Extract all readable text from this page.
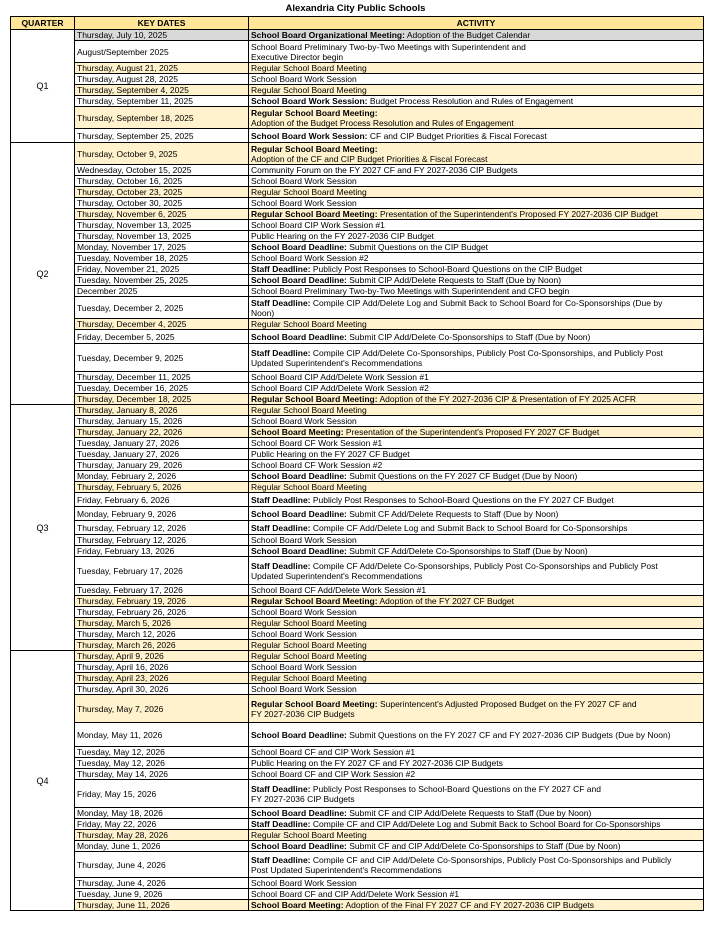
Alexandria City Public Schools
QUARTER	KEY DATES	ACTIVITY
Q1	Thursday, July 10, 2025	School Board Organizational Meeting: Adoption of the Budget Calendar
	August/September 2025	School Board Preliminary Two-by-Two Meetings with Superintendent and
Executive Director begin
	Thursday, August 21, 2025	Regular School Board Meeting
	Thursday, August 28, 2025	School Board Work Session
	Thursday, September 4, 2025	Regular School Board Meeting
	Thursday, September 11, 2025	School Board Work Session: Budget Process Resolution and Rules of Engagement
	Thursday, September 18, 2025	Regular School Board Meeting:
Adoption of the Budget Process Resolution and Rules of Engagement
	Thursday, September 25, 2025	School Board Work Session: CF and CIP Budget Priorities & Fiscal Forecast
Q2	Thursday, October 9, 2025	Regular School Board Meeting:
Adoption of the CF and CIP Budget Priorities & Fiscal Forecast
	Wednesday, October 15, 2025	Community Forum on the FY 2027 CF and FY 2027-2036 CIP Budgets
	Thursday, October 16, 2025	School Board Work Session
	Thursday, October 23, 2025	Regular School Board Meeting
	Thursday, October 30, 2025	School Board Work Session
	Thursday, November 6, 2025	Regular School Board Meeting: Presentation of the Superintendent's Proposed FY 2027-2036 CIP Budget
	Thursday, November 13, 2025	School Board CIP Work Session #1
	Thursday, November 13, 2025	Public Hearing on the FY 2027-2036 CIP Budget
	Monday, November 17, 2025	School Board Deadline: Submit Questions on the CIP Budget
	Tuesday, November 18, 2025	School Board Work Session #2
	Friday, November 21, 2025	Staff Deadline: Publicly Post Responses to School-Board Questions on the CIP Budget
	Tuesday, November 25, 2025	School Board Deadline: Submit CIP Add/Delete Requests to Staff (Due by Noon)
	December 2025	School Board Preliminary Two-by-Two Meetings with Superintendent and CFO begin
	Tuesday, December 2, 2025	Staff Deadline: Compile CIP Add/Delete Log and Submit Back to School Board for Co-Sponsorships (Due by
Noon)
	Thursday, December 4, 2025	Regular School Board Meeting
	Friday, December 5, 2025	School Board Deadline: Submit CIP Add/Delete Co-Sponsorships to Staff (Due by Noon)
	Tuesday, December 9, 2025	Staff Deadline: Compile CIP Add/Delete Co-Sponsorships, Publicly Post Co-Sponsorships, and Publicly Post
Updated Superintendent's Recommendations
	Thursday, December 11, 2025	School Board CIP Add/Delete Work Session #1
	Tuesday, December 16, 2025	School Board CIP Add/Delete Work Session #2
	Thursday, December 18, 2025	Regular School Board Meeting: Adoption of the FY 2027-2036 CIP & Presentation of FY 2025 ACFR
Q3	Thursday, January 8, 2026	Regular School Board Meeting
	Thursday, January 15, 2026	School Board Work Session
	Thursday, January 22, 2026	School Board Meeting: Presentation of the Superintendent's Proposed FY 2027 CF Budget
	Tuesday, January 27, 2026	School Board CF Work Session #1
	Tuesday, January 27, 2026	Public Hearing on the FY 2027 CF Budget
	Thursday, January 29, 2026	School Board CF Work Session #2
	Monday, February 2, 2026	School Board Deadline: Submit Questions on the FY 2027 CF Budget (Due by Noon)
	Thursday, February 5, 2026	Regular School Board Meeting
	Friday, February 6, 2026	Staff Deadline: Publicly Post Responses to School-Board Questions on the FY 2027 CF Budget
	Monday, February 9, 2026	School Board Deadline: Submit CF Add/Delete Requests to Staff (Due by Noon)
	Thursday, February 12, 2026	Staff Deadline: Compile CF Add/Delete Log and Submit Back to School Board for Co-Sponsorships
	Thursday, February 12, 2026	School Board Work Session
	Friday, February 13, 2026	School Board Deadline: Submit CF Add/Delete Co-Sponsorships to Staff (Due by Noon)
	Tuesday, February 17, 2026	Staff Deadline: Compile CF Add/Delete Co-Sponsorships, Publicly Post Co-Sponsorships and Publicly Post
Updated Superintendent's Recommendations
	Tuesday, February 17, 2026	School Board CF Add/Delete Work Session #1
	Thursday, February 19, 2026	Regular School Board Meeting: Adoption of the FY 2027 CF Budget
	Thursday, February 26, 2026	School Board Work Session
	Thursday, March 5, 2026	Regular School Board Meeting
	Thursday, March 12, 2026	School Board Work Session
	Thursday, March 26, 2026	Regular School Board Meeting
Q4	Thursday, April 9, 2026	Regular School Board Meeting
	Thursday, April 16, 2026	School Board Work Session
	Thursday, April 23, 2026	Regular School Board Meeting
	Thursday, April 30, 2026	School Board Work Session
	Thursday, May 7, 2026	Regular School Board Meeting: Superintencent's Adjusted Proposed Budget on the FY 2027 CF and
FY 2027-2036 CIP Budgets
	Monday, May 11, 2026	School Board Deadline: Submit Questions on the FY 2027 CF and FY 2027-2036 CIP Budgets (Due by Noon)
	Tuesday, May 12, 2026	School Board CF and CIP Work Session #1
	Tuesday, May 12, 2026	Public Hearing on the FY 2027 CF and FY 2027-2036 CIP Budgets
	Thursday, May 14, 2026	School Board CF and CIP Work Session #2
	Friday, May 15, 2026	Staff Deadline: Publicly Post Responses to School-Board Questions on the FY 2027 CF and
FY 2027-2036 CIP Budgets
	Monday, May 18, 2026	School Board Deadline: Submit CF and CIP Add/Delete Requests to Staff (Due by Noon)
	Friday, May 22, 2026	Staff Deadline: Compile CF and CIP Add/Delete Log and Submit Back to School Board for Co-Sponsorships
	Thursday, May 28, 2026	Regular School Board Meeting
	Monday, June 1, 2026	School Board Deadline: Submit CF and CIP Add/Delete Co-Sponsorships to Staff (Due by Noon)
	Thursday, June 4, 2026	Staff Deadline: Compile CF and CIP Add/Delete Co-Sponsorships, Publicly Post Co-Sponsorships and Publicly
Post Updated Superintendent's Recommendations
	Thursday, June 4, 2026	School Board Work Session
	Tuesday, June 9, 2026	School Board CF and CIP Add/Delete Work Session #1
	Thursday, June 11, 2026	School Board Meeting: Adoption of the Final FY 2027 CF and FY 2027-2036 CIP Budgets
